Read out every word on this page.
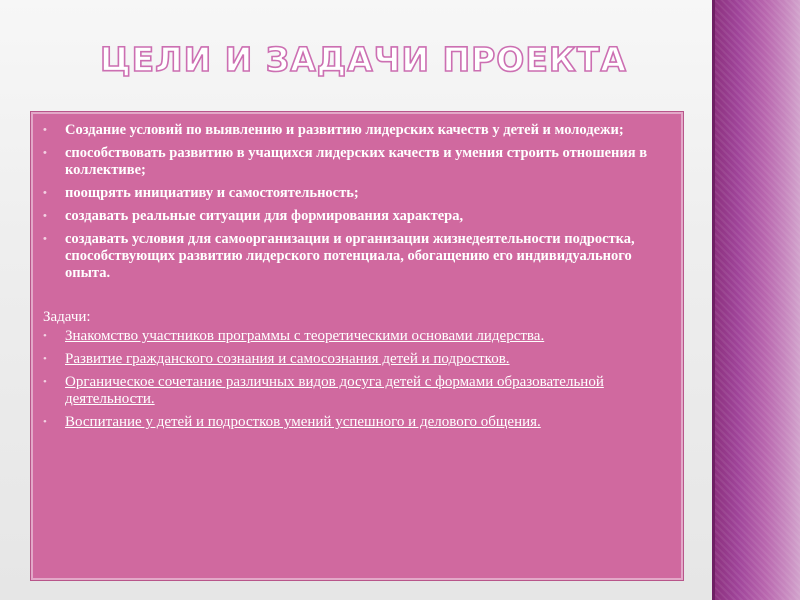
ЦЕЛИ И ЗАДАЧИ ПРОЕКТА
•	Создание условий по выявлению и развитию лидерских качеств у детей и молодежи;
•	способствовать развитию в учащихся лидерских качеств и умения строить отношения в коллективе;
•	поощрять инициативу и самостоятельность;
•	создавать реальные ситуации для формирования характера,
•	создавать условия для самоорганизации и организации жизнедеятельности подростка, способствующих развитию лидерского потенциала, обогащению его индивидуального опыта.
Задачи:
•	Знакомство участников программы с теоретическими основами лидерства.
•	Развитие гражданского сознания и самосознания детей и подростков.
•	Органическое сочетание различных видов досуга детей с формами образовательной деятельности.
•	Воспитание у детей и подростков умений успешного и делового общения.
